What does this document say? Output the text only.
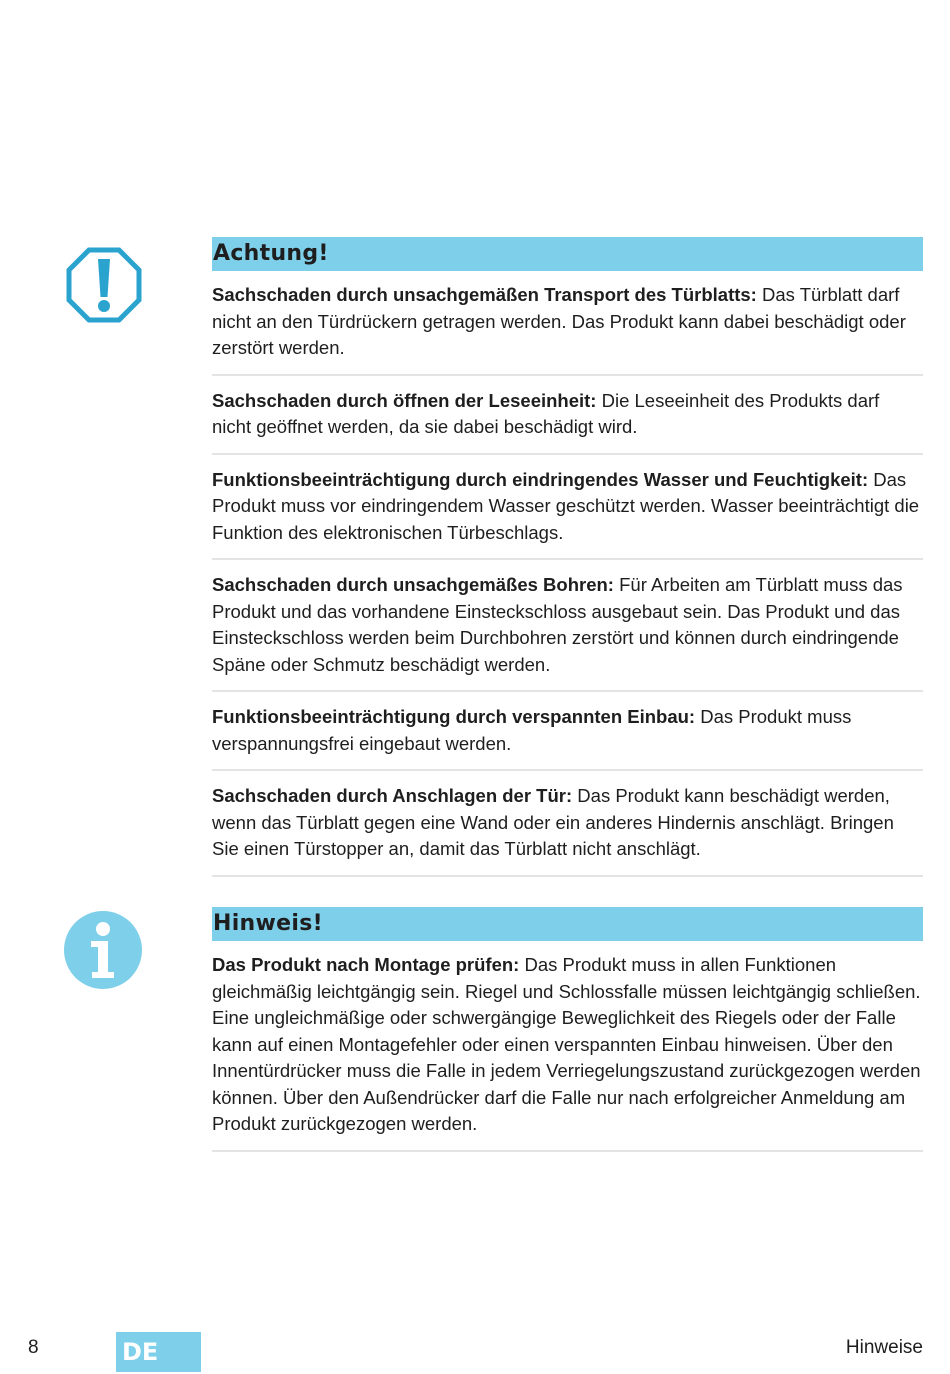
Achtung!
Sachschaden durch unsachgemäßen Transport des Türblatts: Das Türblatt darf nicht an den Türdrückern getragen werden. Das Produkt kann dabei beschädigt oder zerstört werden.
Sachschaden durch öffnen der Leseeinheit: Die Leseeinheit des Produkts darf nicht geöffnet werden, da sie dabei beschädigt wird.
Funktionsbeeinträchtigung durch eindringendes Wasser und Feuchtigkeit: Das Produkt muss vor eindringendem Wasser geschützt werden. Wasser beeinträchtigt die Funktion des elektronischen Türbeschlags.
Sachschaden durch unsachgemäßes Bohren: Für Arbeiten am Türblatt muss das Produkt und das vorhandene Einsteckschloss ausgebaut sein. Das Produkt und das Einsteckschloss werden beim Durchbohren zerstört und können durch eindringende Späne oder Schmutz beschädigt werden.
Funktionsbeeinträchtigung durch verspannten Einbau: Das Produkt muss verspannungsfrei eingebaut werden.
Sachschaden durch Anschlagen der Tür: Das Produkt kann beschädigt werden, wenn das Türblatt gegen eine Wand oder ein anderes Hindernis anschlägt. Bringen Sie einen Türstopper an, damit das Türblatt nicht anschlägt.
Hinweis!
Das Produkt nach Montage prüfen: Das Produkt muss in allen Funktionen gleichmäßig leichtgängig sein. Riegel und Schlossfalle müssen leichtgängig schließen. Eine ungleichmäßige oder schwergängige Beweglichkeit des Riegels oder der Falle kann auf einen Montagefehler oder einen verspannten Einbau hinweisen. Über den Innentürdrücker muss die Falle in jedem Verriegelungszustand zurückgezogen werden können. Über den Außendrücker darf die Falle nur nach erfolgreicher Anmeldung am Produkt zurückgezogen werden.
8	DE	Hinweise
